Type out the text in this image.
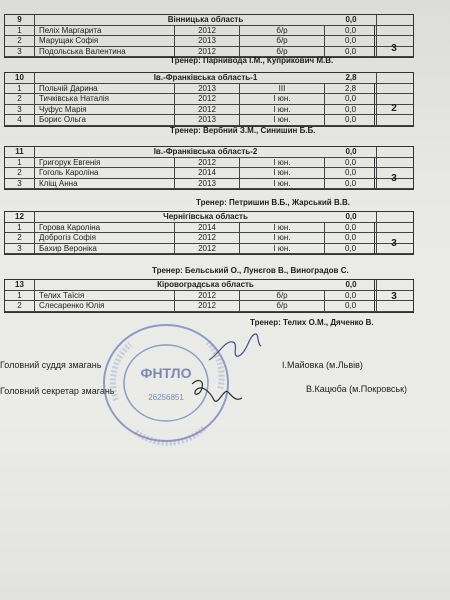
9	Вінницька область	0,0
1	Пеліх Маргарита	2012	б/р	0,0
2	Марущак Софія	2013	б/р	0,0
3	Подольська Валентина	2012	б/р	0,0	3
Тренер: Парнивода І.М., Куприкович М.В.
10	Ів.-Франківська область-1	2,8
1	Польчій Дарина	2013	III	2,8
2	Тичківська Наталія	2012	I юн.	0,0
3	Чуфус Марія	2012	I юн.	0,0
4	Борис Ольга	2013	I юн.	0,0
2
Тренер: Вербний З.М., Синишин Б.Б.
11	Ів.-Франківська область-2	0,0
1	Григорук Евгенія	2012	I юн.	0,0
2	Гоголь Кароліна	2014	I юн.	0,0
3	Кліщ Анна	2013	I юн.	0,0	3
Тренер: Петришин В.Б., Жарський В.В.
12	Чернігівська область	0,0
1	Горова Кароліна	2014	I юн.	0,0
2	Доброгіз Софія	2012	I юн.	0,0
3	Бахир Вероніка	2012	I юн.	0,0	3
Тренер: Бельський О., Лунєгов В., Виноградов С.
13	Кіровоградська область	0,0
1	Телих Таїсія	2012	б/р	0,0
2	Слесаренко Юлія	2012	б/р	0,0
3
Тренер: Телих О.М., Дяченко В.
Головний суддя змагань	І.Майовка (м.Львів)
Головний секретар змагань	В.Кацюба (м.Покровськ)
ФНТЛО
26256851
